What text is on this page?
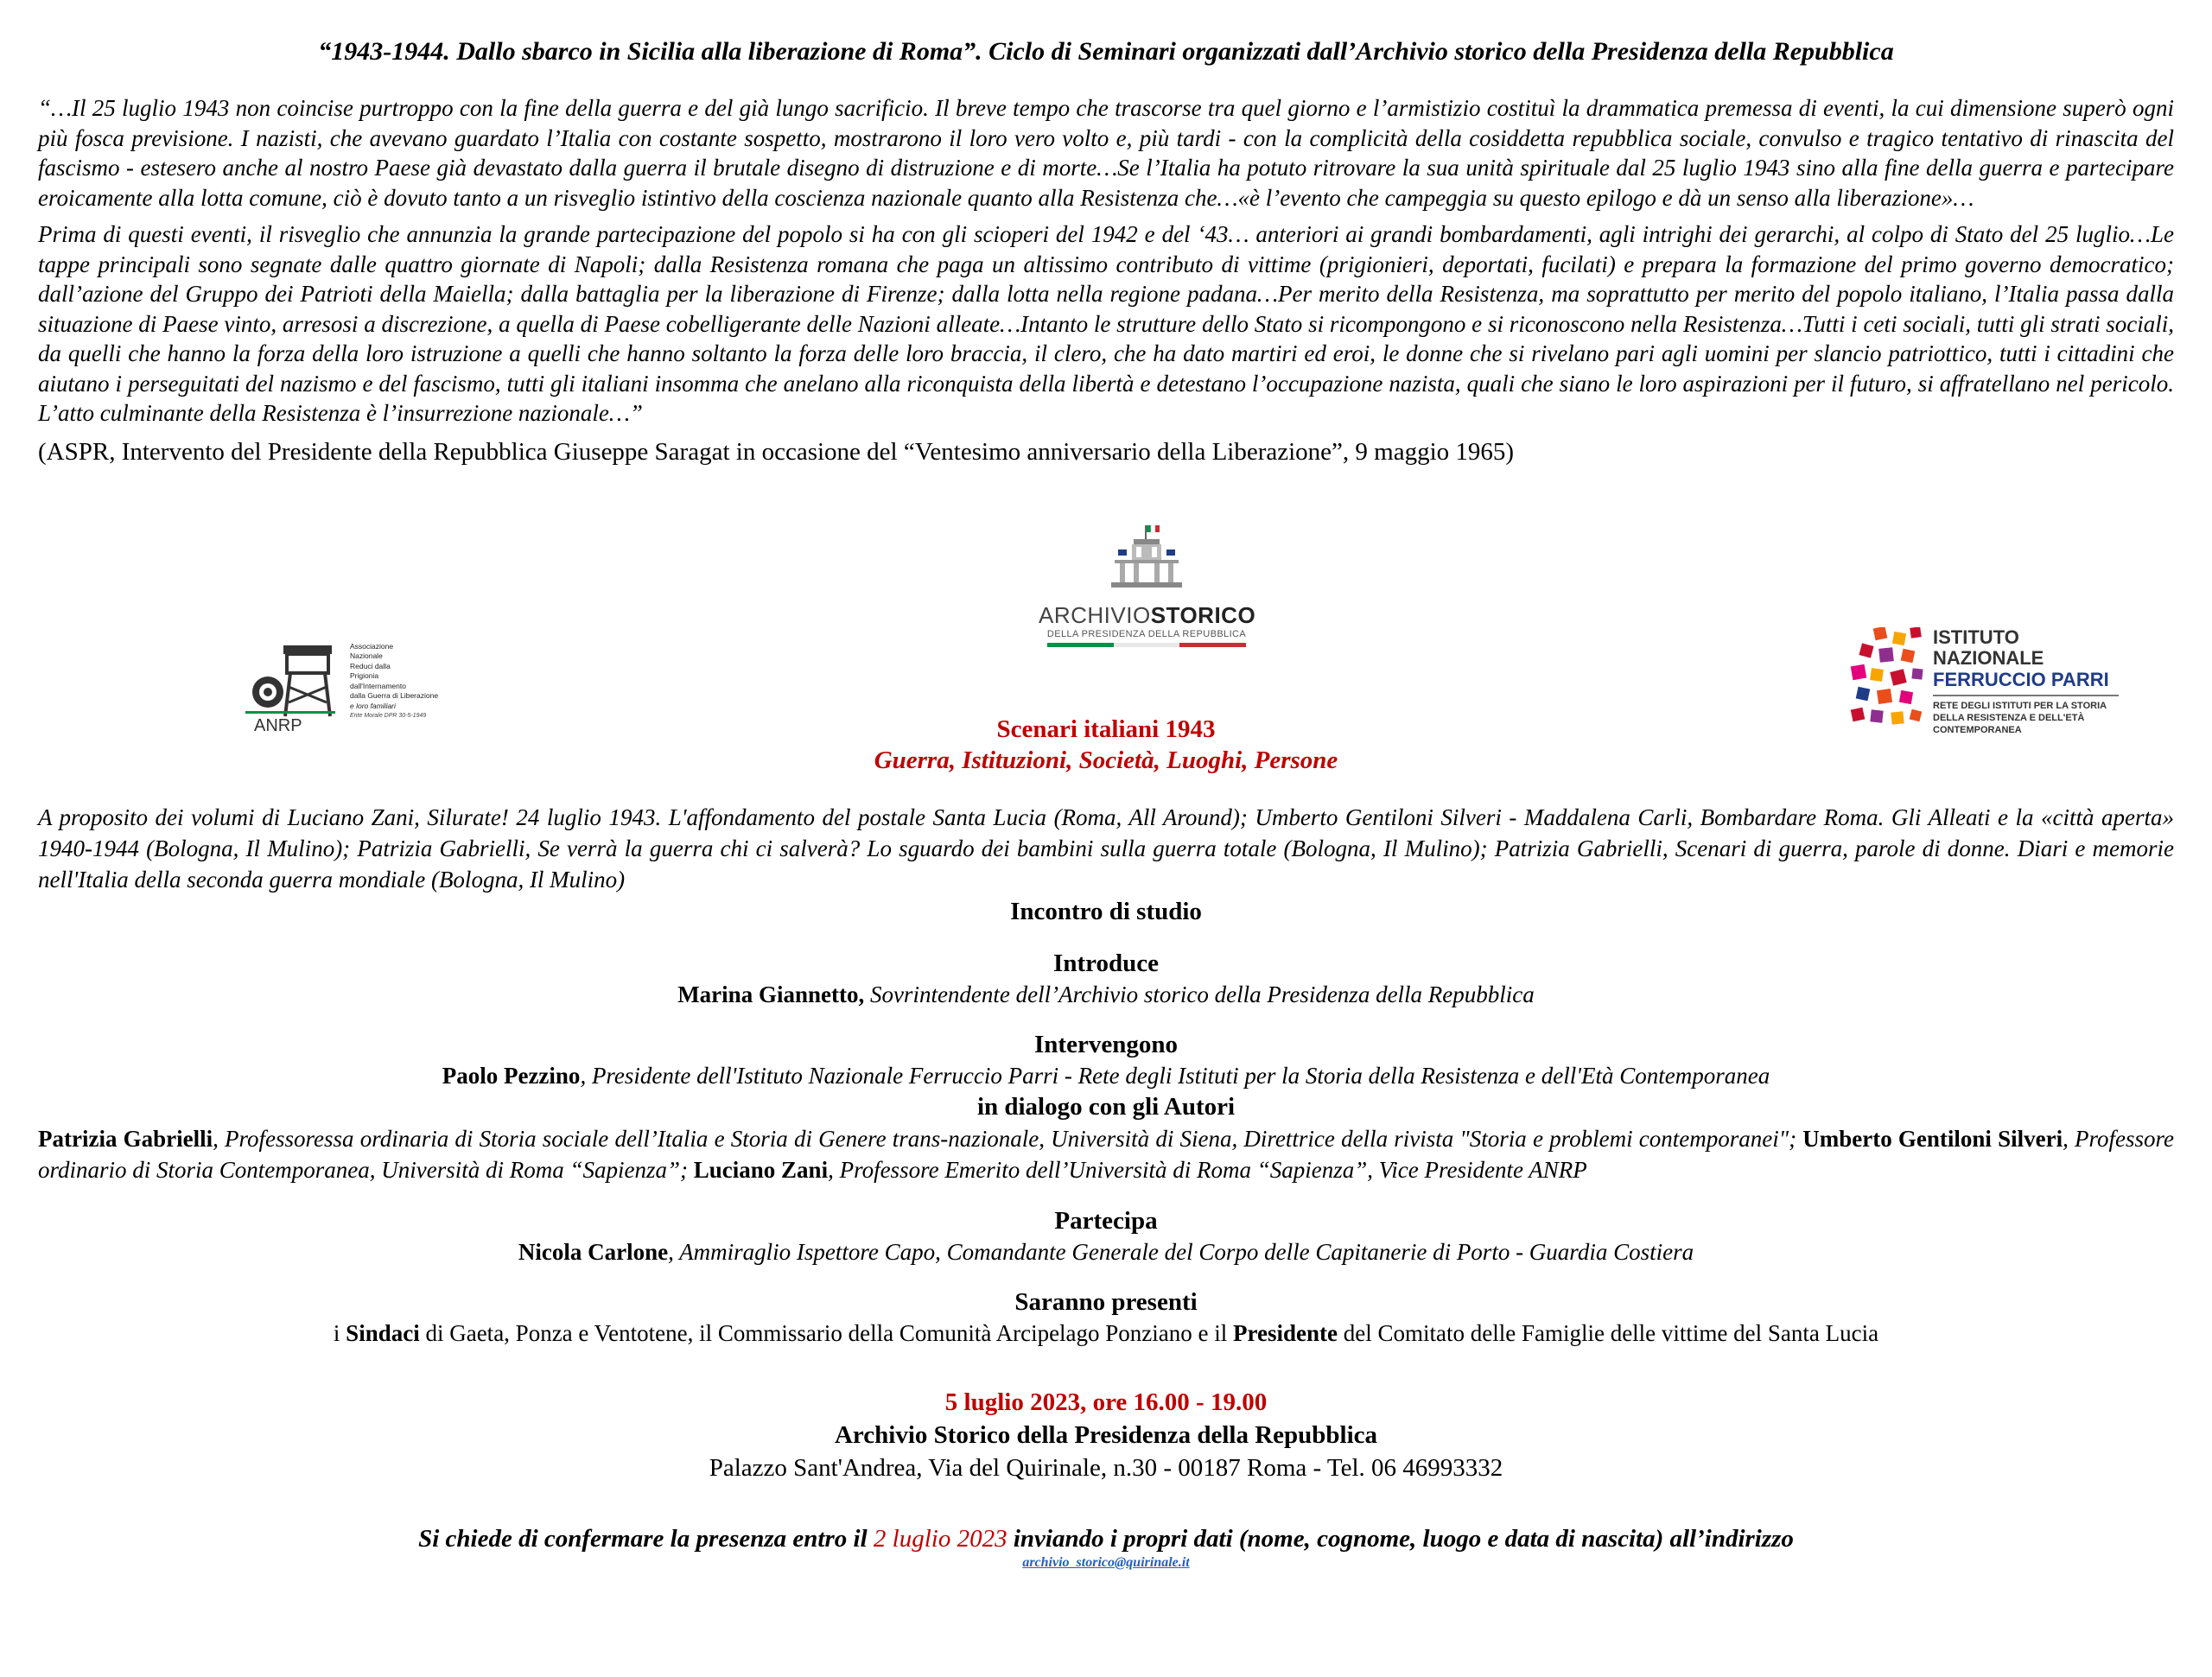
“1943-1944. Dallo sbarco in Sicilia alla liberazione di Roma”. Ciclo di Seminari organizzati dall’Archivio storico della Presidenza della Repubblica

“…Il 25 luglio 1943 non coincise purtroppo con la fine della guerra e del già lungo sacrificio. Il breve tempo che trascorse tra quel giorno e l’armistizio costituì la drammatica premessa di eventi, la cui dimensione superò ogni più fosca previsione. I nazisti, che avevano guardato l’Italia con costante sospetto, mostrarono il loro vero volto e, più tardi - con la complicità della cosiddetta repubblica sociale, convulso e tragico tentativo di rinascita del fascismo - estesero anche al nostro Paese già devastato dalla guerra il brutale disegno di distruzione e di morte…Se l’Italia ha potuto ritrovare la sua unità spirituale dal 25 luglio 1943 sino alla fine della guerra e partecipare eroicamente alla lotta comune, ciò è dovuto tanto a un risveglio istintivo della coscienza nazionale quanto alla Resistenza che…«è l’evento che campeggia su questo epilogo e dà un senso alla liberazione»…

Prima di questi eventi, il risveglio che annunzia la grande partecipazione del popolo si ha con gli scioperi del 1942 e del ‘43… anteriori ai grandi bombardamenti, agli intrighi dei gerarchi, al colpo di Stato del 25 luglio…Le tappe principali sono segnate dalle quattro giornate di Napoli; dalla Resistenza romana che paga un altissimo contributo di vittime (prigionieri, deportati, fucilati) e prepara la formazione del primo governo democratico; dall’azione del Gruppo dei Patrioti della Maiella; dalla battaglia per la liberazione di Firenze; dalla lotta nella regione padana…Per merito della Resistenza, ma soprattutto per merito del popolo italiano, l’Italia passa dalla situazione di Paese vinto, arresosi a discrezione, a quella di Paese cobelligerante delle Nazioni alleate…Intanto le strutture dello Stato si ricompongono e si riconoscono nella Resistenza…Tutti i ceti sociali, tutti gli strati sociali, da quelli che hanno la forza della loro istruzione a quelli che hanno soltanto la forza delle loro braccia, il clero, che ha dato martiri ed eroi, le donne che si rivelano pari agli uomini per slancio patriottico, tutti i cittadini che aiutano i perseguitati del nazismo e del fascismo, tutti gli italiani insomma che anelano alla riconquista della libertà e detestano l’occupazione nazista, quali che siano le loro aspirazioni per il futuro, si affratellano nel pericolo. L’atto culminante della Resistenza è l’insurrezione nazionale…”

(ASPR, Intervento del Presidente della Repubblica Giuseppe Saragat in occasione del “Ventesimo anniversario della Liberazione”, 9 maggio 1965)
ARCHIVIOSTORICO
DELLA PRESIDENZA DELLA REPUBBLICA
Associazione
Nazionale
Reduci dalla
Prigionia
dall'Internamento
dalla Guerra di Liberazione
e loro familiari
Ente Morale DPR 30-5-1949
ANRP
ISTITUTO NAZIONALE
FERRUCCIO PARRI
RETE DEGLI ISTITUTI PER LA STORIA
DELLA RESISTENZA E DELL'ETÀ
CONTEMPORANEA
Scenari italiani 1943
Guerra, Istituzioni, Società, Luoghi, Persone
A proposito dei volumi di Luciano Zani, Silurate! 24 luglio 1943. L'affondamento del postale Santa Lucia (Roma, All Around); Umberto Gentiloni Silveri - Maddalena Carli, Bombardare Roma. Gli Alleati e la «città aperta» 1940-1944 (Bologna, Il Mulino); Patrizia Gabrielli, Se verrà la guerra chi ci salverà? Lo sguardo dei bambini sulla guerra totale (Bologna, Il Mulino); Patrizia Gabrielli, Scenari di guerra, parole di donne. Diari e memorie nell'Italia della seconda guerra mondiale (Bologna, Il Mulino)
Incontro di studio
Introduce
Marina Giannetto, Sovrintendente dell’Archivio storico della Presidenza della Repubblica
Intervengono
Paolo Pezzino, Presidente dell'Istituto Nazionale Ferruccio Parri - Rete degli Istituti per la Storia della Resistenza e dell'Età Contemporanea
in dialogo con gli Autori
Patrizia Gabrielli, Professoressa ordinaria di Storia sociale dell’Italia e Storia di Genere trans-nazionale, Università di Siena, Direttrice della rivista "Storia e problemi contemporanei"; Umberto Gentiloni Silveri, Professore ordinario di Storia Contemporanea, Università di Roma “Sapienza”; Luciano Zani, Professore Emerito dell’Università di Roma “Sapienza”, Vice Presidente ANRP
Partecipa
Nicola Carlone, Ammiraglio Ispettore Capo, Comandante Generale del Corpo delle Capitanerie di Porto - Guardia Costiera
Saranno presenti
i Sindaci di Gaeta, Ponza e Ventotene, il Commissario della Comunità Arcipelago Ponziano e il Presidente del Comitato delle Famiglie delle vittime del Santa Lucia
5 luglio 2023, ore 16.00 - 19.00
Archivio Storico della Presidenza della Repubblica
Palazzo Sant'Andrea, Via del Quirinale, n.30 - 00187 Roma - Tel. 06 46993332
Si chiede di confermare la presenza entro il 2 luglio 2023 inviando i propri dati (nome, cognome, luogo e data di nascita) all’indirizzo
archivio_storico@quirinale.it
